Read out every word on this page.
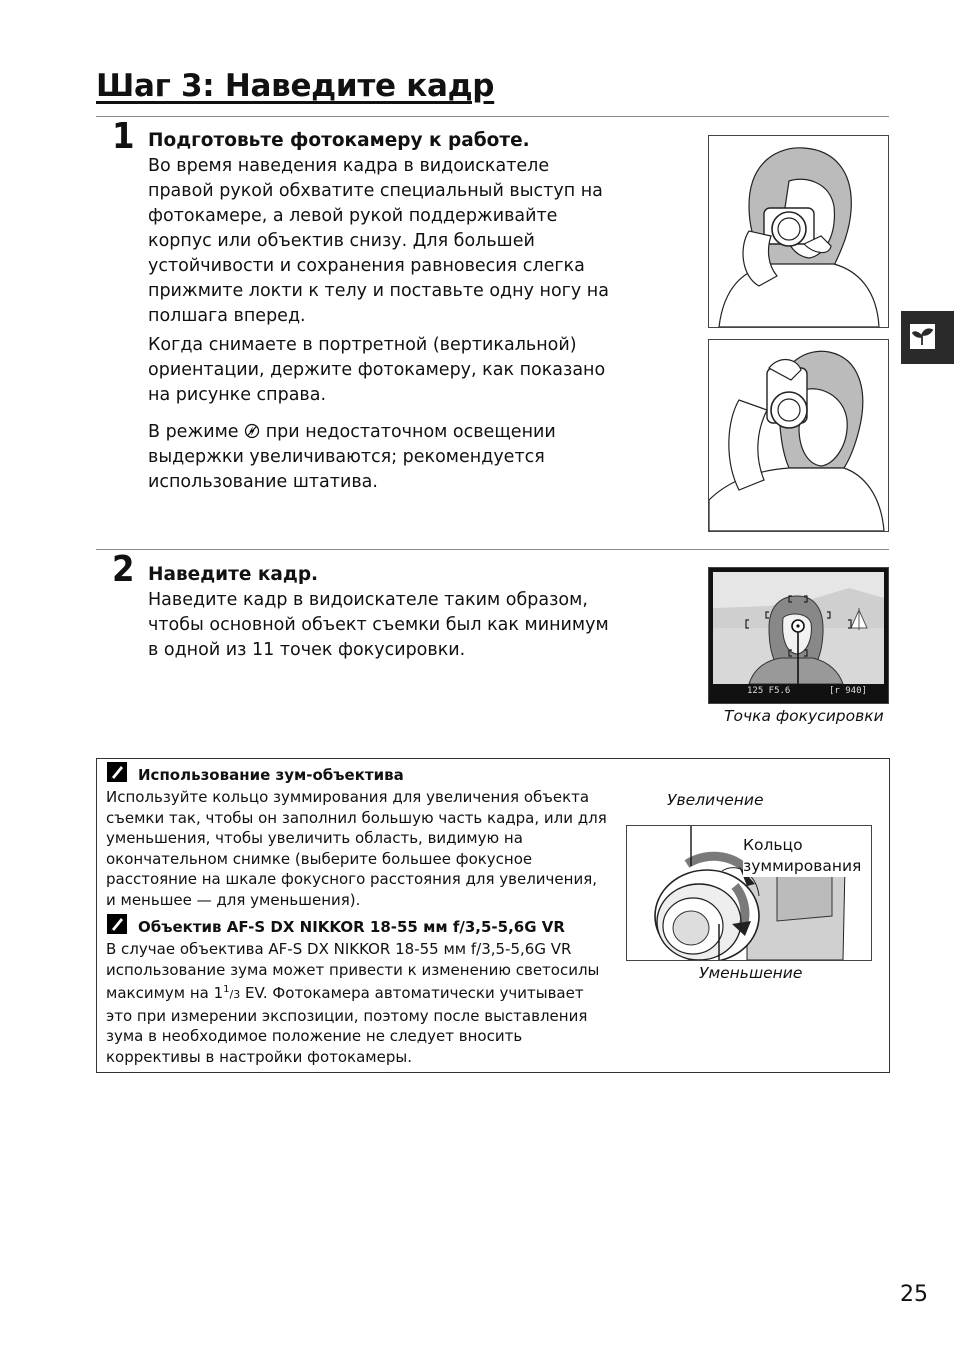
Шаг 3: Наведите кадр
1 Подготовьте фотокамеру к работе.

Во время наведения кадра в видоискателе правой рукой обхватите специальный выступ на фотокамере, а левой рукой поддерживайте корпус или объектив снизу. Для большей устойчивости и сохранения равновесия слегка прижмите локти к телу и поставьте одну ногу на полшага вперед.

Когда снимаете в портретной (вертикальной) ориентации, держите фотокамеру, как показано на рисунке справа.

В режиме при недостаточном освещении выдержки увеличиваются; рекомендуется использование штатива.

2 Наведите кадр.

Наведите кадр в видоискателе таким образом, чтобы основной объект съемки был как минимум в одной из 11 точек фокусировки.

125 F5.6	[r 940]
Точка фокусировки
Использование зум-объектива

Используйте кольцо зуммирования для увеличения объекта съемки так, чтобы он заполнил большую часть кадра, или для уменьшения, чтобы увеличить область, видимую на окончательном снимке (выберите большее фокусное расстояние на шкале фокусного расстояния для увеличения, и меньшее — для уменьшения).

Объектив AF-S DX NIKKOR 18-55 мм f/3,5-5,6G VR

В случае объектива AF-S DX NIKKOR 18-55 мм f/3,5-5,6G VR использование зума может привести к изменению светосилы максимум на $1^1/3$ EV. Фотокамера автоматически учитывает это при измерении экспозиции, поэтому после выставления зума в необходимое положение не следует вносить коррективы в настройки фотокамеры.

Увеличение
Кольцо зуммирования
Уменьшение
25
